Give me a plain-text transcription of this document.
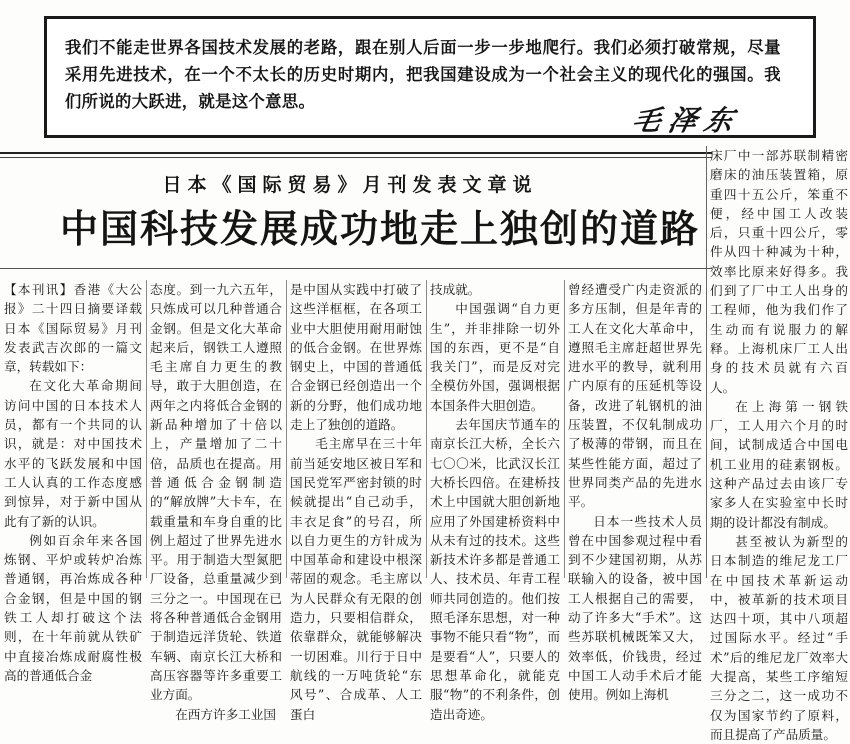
我们不能走世界各国技术发展的老路，跟在别人后面一步一步地爬行。我们必须打破常规，尽量采用先进技术，在一个不太长的历史时期内，把我国建设成为一个社会主义的现代化的强国。我们所说的大跃进，就是这个意思。
毛泽东
日本《国际贸易》月刊发表文章说
中国科技发展成功地走上独创的道路

【本刊讯】香港《大公报》二十四日摘要译载日本《国际贸易》月刊发表武吉次郎的一篇文章，转载如下：

在文化大革命期间访问中国的日本技术人员，都有一个共同的认识，就是：对中国技术水平的飞跃发展和中国工人认真的工作态度感到惊异，对于新中国从此有了新的认识。

例如百余年来各国炼钢、平炉或转炉冶炼普通钢，再冶炼成各种合金钢，但是中国的钢铁工人却打破这个法则，在十年前就从铁矿中直接冶炼成耐腐性极高的普通低合金

态度。到一九六五年，只炼成可以几种普通合金钢。但是文化大革命起来后，钢铁工人遵照毛主席自力更生的教导，敢于大胆创造，在两年之内将低合金钢的新品种增加了十倍以上，产量增加了二十倍，品质也在提高。用普通低合金钢制造的“解放牌”大卡车，在载重量和车身自重的比例上超过了世界先进水平。用于制造大型氮肥厂设备，总重量减少到三分之一。中国现在已将各种普通低合金钢用于制造远洋货轮、铁道车辆、南京长江大桥和高压容器等许多重要工业方面。

在西方许多工业国

是中国从实践中打破了这些洋框框，在各项工业中大胆使用耐用耐蚀的低合金钢。在世界炼钢史上，中国的普通低合金钢已经创造出一个新的分野，他们成功地走上了独创的道路。

毛主席早在三十年前当延安地区被日军和国民党军严密封锁的时候就提出“自己动手，丰衣足食”的号召，所以自力更生的方针成为中国革命和建设中根深蒂固的观念。毛主席以为人民群众有无限的创造力，只要相信群众，依靠群众，就能够解决一切困难。川行于日中航线的一万吨货轮“东风号”、合成革、人工蛋白

技成就。

中国强调“自力更生”，并非排除一切外国的东西，更不是“自我关门”，而是反对完全模仿外国，强调根据本国条件大胆创造。

去年国庆节通车的南京长江大桥，全长六七〇〇米，比武汉长江大桥长四倍。在建桥技术上中国就大胆创新地应用了外国建桥资料中从未有过的技术。这些新技术许多都是普通工人、技术员、年青工程师共同创造的。他们按照毛泽东思想，对一种事物不能只看“物”，而是要看“人”，只要人的思想革命化，就能克服“物”的不利条件，创造出奇迹。

曾经遭受广内走资派的多方压制，但是年青的工人在文化大革命中，遵照毛主席赶超世界先进水平的教导，就利用广内原有的压延机等设备，改进了轧钢机的油压装置，不仅轧制成功了极薄的带钢，而且在某些性能方面，超过了世界同类产品的先进水平。

日本一些技术人员曾在中国参观过程中看到不少建国初期，从苏联输入的设备，被中国工人根据自己的需要，动了许多大“手术”。这些苏联机械既笨又大，效率低，价钱贵，经过中国工人动手术后才能使用。例如上海机

床厂中一部苏联制精密磨床的油压装置箱，原重四十五公斤，笨重不便，经中国工人改装后，只重十四公斤，零件从四十种减为十种，效率比原来好得多。我们到了厂中工人出身的工程师，他为我们作了生动而有说服力的解释。上海机床厂工人出身的技术员就有六百人。

在上海第一钢铁厂，工人用六个月的时间，试制成适合中国电机工业用的硅素钢板。这种产品过去由该厂专家多人在实验室中长时期的设计都没有制成。

甚至被认为新型的日本制造的维尼龙工厂在中国技术革新运动中，被革新的技术项目达四十项，其中八项超过国际水平。经过“手术”后的维尼龙厂效率大大提高，某些工序缩短三分之二，这一成功不仅为国家节约了原料，而且提高了产品质量。
